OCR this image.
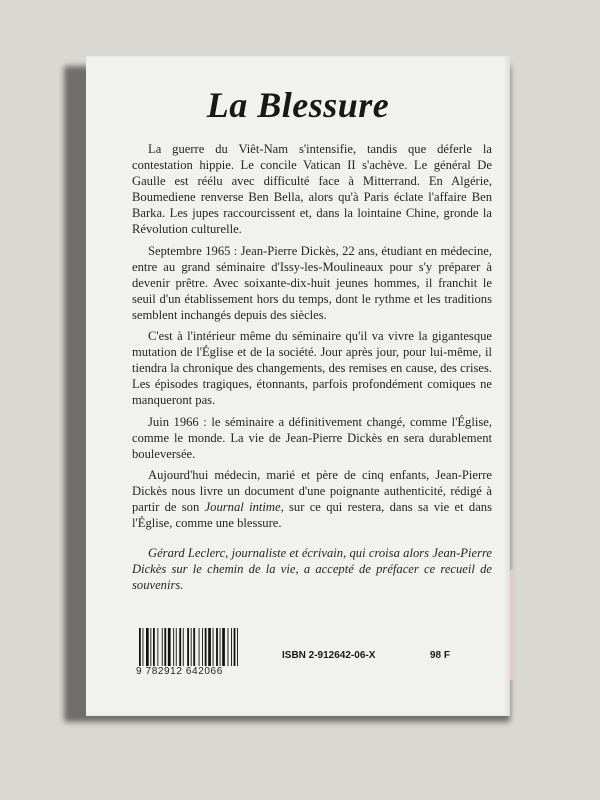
La Blessure

La guerre du Viêt-Nam s'intensifie, tandis que déferle la contestation hippie. Le concile Vatican II s'achève. Le général De Gaulle est réélu avec difficulté face à Mitterrand. En Algérie, Boumediene renverse Ben Bella, alors qu'à Paris éclate l'affaire Ben Barka. Les jupes raccourcissent et, dans la lointaine Chine, gronde la Révolution culturelle.

Septembre 1965 : Jean-Pierre Dickès, 22 ans, étudiant en médecine, entre au grand séminaire d'Issy-les-Moulineaux pour s'y préparer à devenir prêtre. Avec soixante-dix-huit jeunes hommes, il franchit le seuil d'un établissement hors du temps, dont le rythme et les traditions semblent inchangés depuis des siècles.

C'est à l'intérieur même du séminaire qu'il va vivre la gigantesque mutation de l'Église et de la société. Jour après jour, pour lui-même, il tiendra la chronique des changements, des remises en cause, des crises. Les épisodes tragiques, étonnants, parfois profondément comiques ne manqueront pas.

Juin 1966 : le séminaire a définitivement changé, comme l'Église, comme le monde. La vie de Jean-Pierre Dickès en sera durablement bouleversée.

Aujourd'hui médecin, marié et père de cinq enfants, Jean-Pierre Dickès nous livre un document d'une poignante authenticité, rédigé à partir de son Journal intime, sur ce qui restera, dans sa vie et dans l'Église, comme une blessure.

Gérard Leclerc, journaliste et écrivain, qui croisa alors Jean-Pierre Dickès sur le chemin de la vie, a accepté de préfacer ce recueil de souvenirs.

9 782912 642066
ISBN 2-912642-06-X	98 F
